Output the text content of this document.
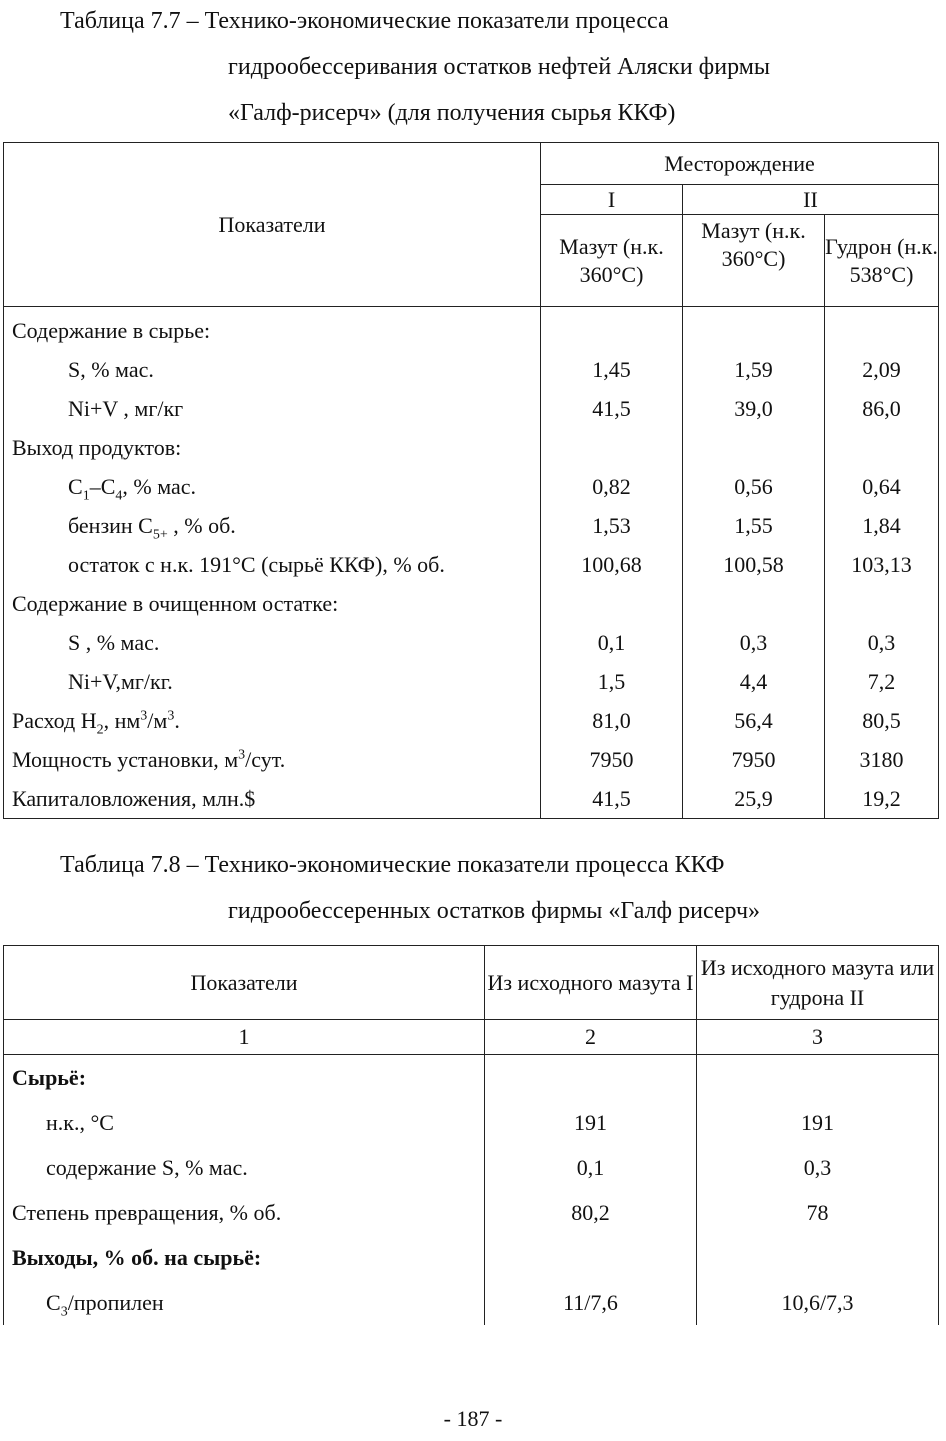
Таблица 7.7 – Технико-экономические показатели процесса
гидрообессеривания остатков нефтей Аляски фирмы
«Галф-рисерч» (для получения сырья ККФ)
Показатели	Месторождение		
	I	II	
	Мазут (н.к. 360°С)	Мазут (н.к. 360°С)	Гудрон (н.к. 538°С)
Содержание в сырье:			
S, % мас.	1,45	1,59	2,09
Ni+V , мг/кг	41,5	39,0	86,0
Выход продуктов:			
$C_1-C_4$, % мас.	0,82	0,56	0,64
бензин $C_{5+}$ , % об.	1,53	1,55	1,84
остаток с н.к. 191°С (сырьё ККФ), % об.	100,68	100,58	103,13
Содержание в очищенном остатке:			
S , % мас.	0,1	0,3	0,3
Ni+V,мг/кг.	1,5	4,4	7,2
Расход $H_2$, $нм^3/м^3$.	81,0	56,4	80,5
Мощность установки, $м^3$/сут.	7950	7950	3180
Капиталовложения, млн.$	41,5	25,9	19,2
Таблица 7.8 – Технико-экономические показатели процесса ККФ
гидрообессеренных остатков фирмы «Галф рисерч»
Показатели	Из исходного мазута I	Из исходного мазута или гудрона II
1	2	3
Сырьё:		
н.к., °С	191	191
содержание S, % мас.	0,1	0,3
Степень превращения, % об.	80,2	78
Выходы, % об. на сырьё:		
$C_3$/пропилен	11/7,6	10,6/7,3
- 187 -
